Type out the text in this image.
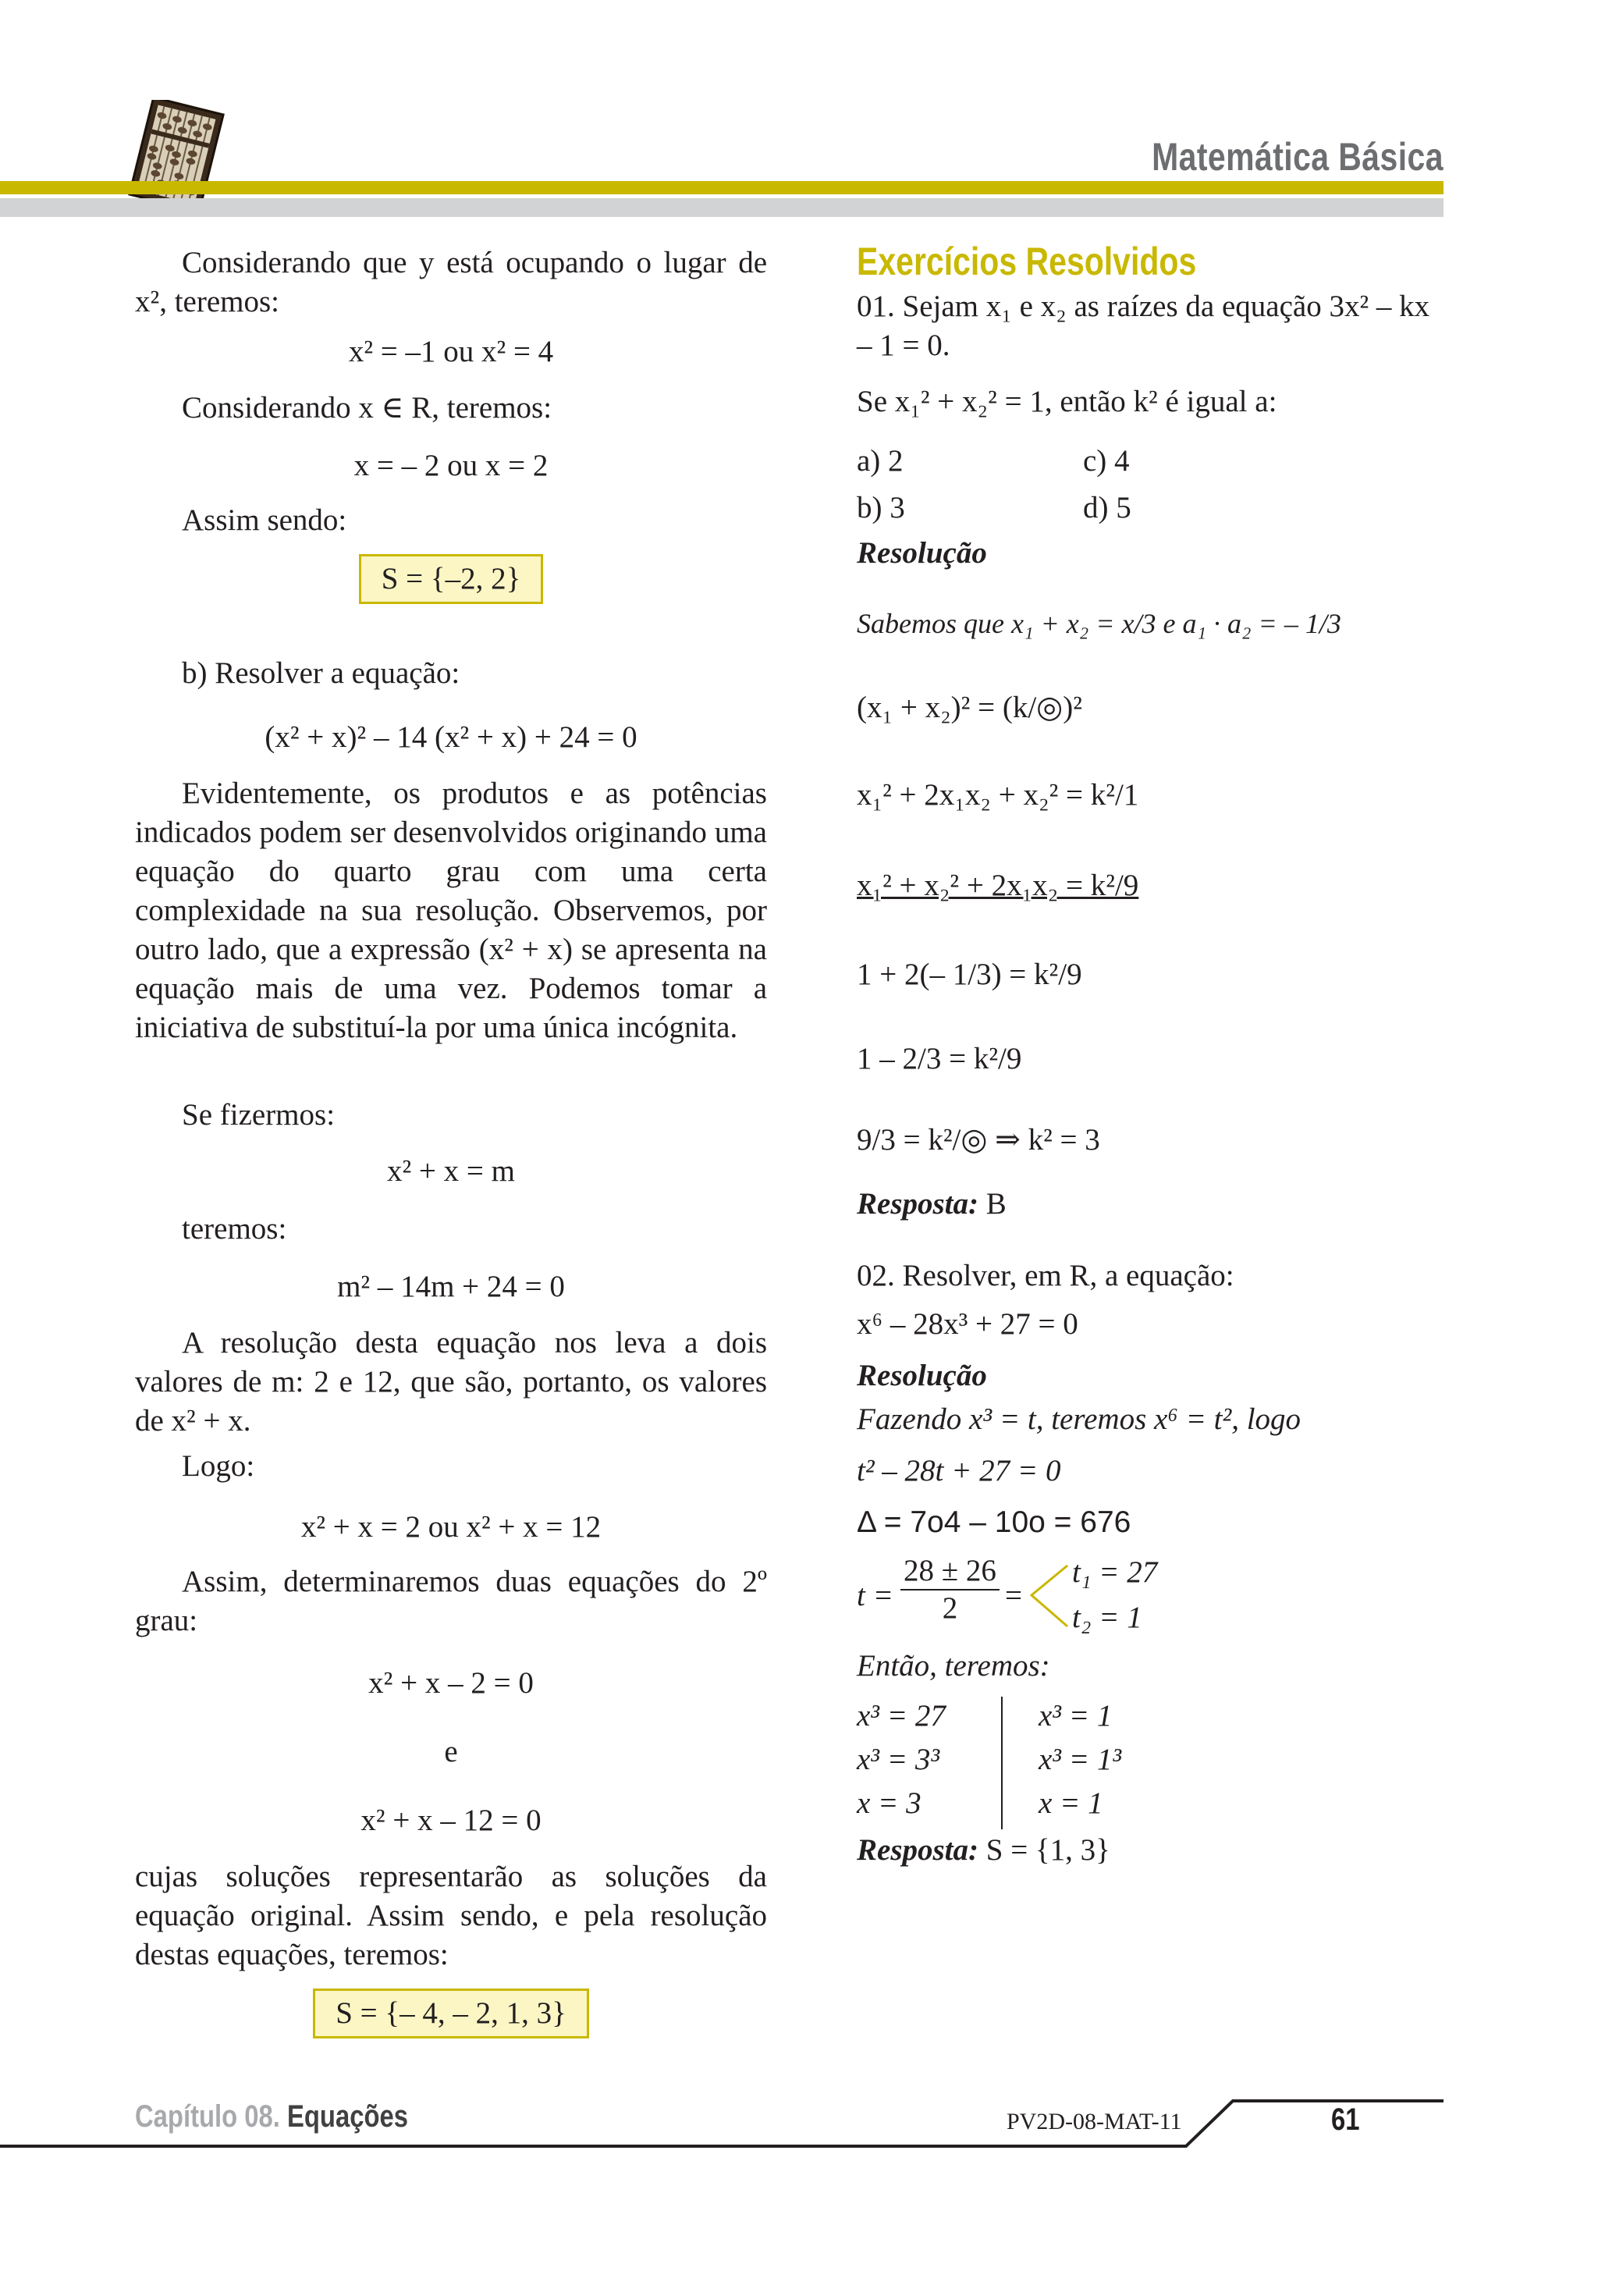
Matemática Básica
Considerando que y está ocupando o lugar de x², teremos:
x² = –1 ou x² = 4
Considerando x ∈ R, teremos:
x = – 2 ou x = 2
Assim sendo:
S = {–2, 2}
b) Resolver a equação:
(x² + x)² – 14 (x² + x) + 24 = 0
Evidentemente, os produtos e as potências indicados podem ser desenvolvidos originando uma equação do quarto grau com uma certa complexidade na sua resolução. Observemos, por outro lado, que a expressão (x² + x) se apresenta na equação mais de uma vez. Podemos tomar a iniciativa de substituí-la por uma única incógnita.
Se fizermos:
x² + x = m
teremos:
m² – 14m + 24 = 0
A resolução desta equação nos leva a dois valores de m: 2 e 12, que são, portanto, os valores de x² + x.
Logo:
x² + x = 2 ou x² + x = 12
Assim, determinaremos duas equações do 2º grau:
x² + x – 2 = 0
e
x² + x – 12 = 0
cujas soluções representarão as soluções da equação original. Assim sendo, e pela resolução destas equações, teremos:
S = {– 4, – 2, 1, 3}
Exercícios Resolvidos
01. Sejam x₁ e x₂ as raízes da equação 3x² – kx – 1 = 0.
Se x₁² + x₂² = 1, então k² é igual a:
a) 2	c) 4
b) 3	d) 5
Resolução
Sabemos que x₁ + x₂ = x/3 e a₁ · a₂ = – 1/3
(x₁ + x₂)² = (k/◎)²
x₁² + 2x₁x₂ + x₂² = k²/1
x₁² + x₂² + 2x₁x₂ = k²/9
1 + 2(– 1/3) = k²/9
1 – 2/3 = k²/9
9/3 = k²/◎ ⇒ k² = 3
Resposta: B
02. Resolver, em R, a equação:
x⁶ – 28x³ + 27 = 0
Resolução
Fazendo x³ = t, teremos x⁶ = t², logo
t² – 28t + 27 = 0
Δ = 7o4 – 10o = 676
$t = \frac{28 \pm 26}{2}$ =
t₁ = 27
t₂ = 1
Então, teremos:
x³ = 27
x³ = 3³
x = 3
x³ = 1
x³ = 1³
x = 1
Resposta: S = {1, 3}
Capítulo 08. Equações	PV2D-08-MAT-11	61
